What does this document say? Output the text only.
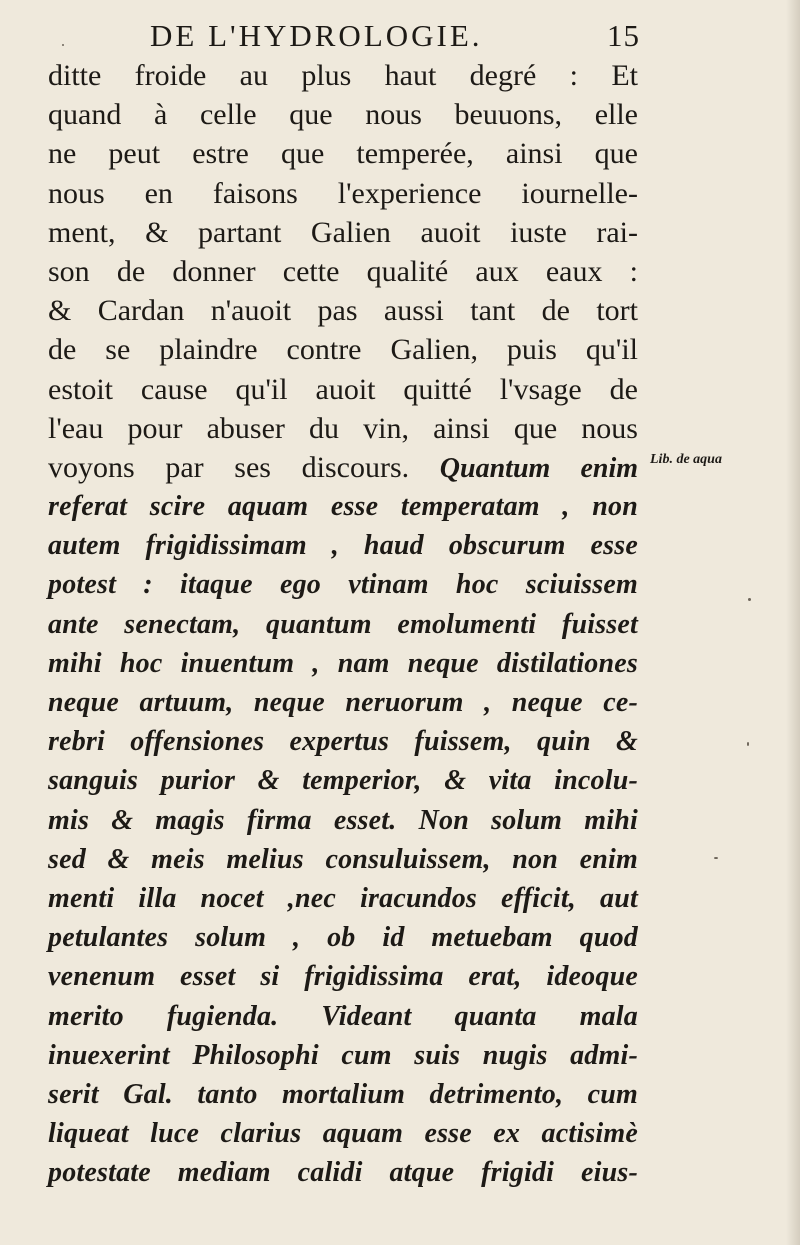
DE L'HYDROLOGIE.	15
ditte froide au plus haut degré : Et
quand à celle que nous beuuons, elle
ne peut estre que temperée, ainsi que
nous en faisons l'experience iournelle-
ment, & partant Galien auoit iuste rai-
son de donner cette qualité aux eaux :
& Cardan n'auoit pas aussi tant de tort
de se plaindre contre Galien, puis qu'il
estoit cause qu'il auoit quitté l'vsage de
l'eau pour abuser du vin, ainsi que nous
voyons par ses discours. Quantum enim
referat scire aquam esse temperatam , non
autem frigidissimam , haud obscurum esse
potest : itaque ego vtinam hoc sciuissem
ante senectam, quantum emolumenti fuisset
mihi hoc inuentum , nam neque distilationes
neque artuum, neque neruorum , neque ce-
rebri offensiones expertus fuissem, quin &
sanguis purior & temperior, & vita incolu-
mis & magis firma esset. Non solum mihi
sed & meis melius consuluissem, non enim
menti illa nocet ,nec iracundos efficit, aut
petulantes solum , ob id metuebam quod
venenum esset si frigidissima erat, ideoque
merito fugienda. Videant quanta mala
inuexerint Philosophi cum suis nugis admi-
serit Gal. tanto mortalium detrimento, cum
liqueat luce clarius aquam esse ex actisimè
potestate mediam calidi atque frigidi eius-
Lib. de aqua
